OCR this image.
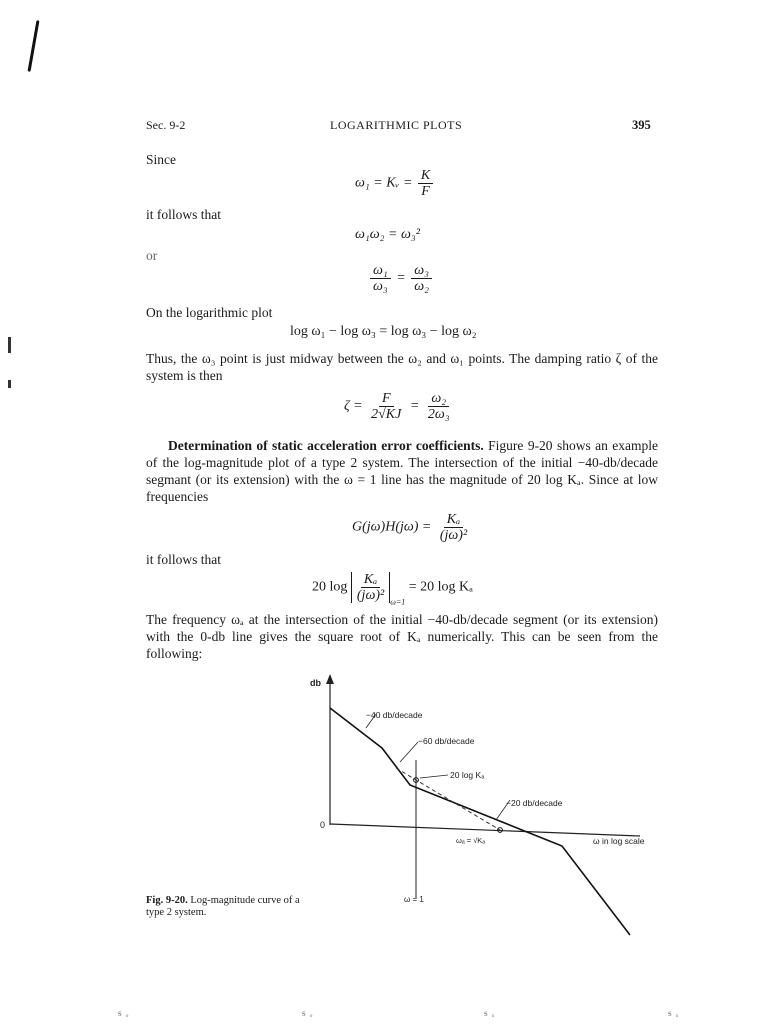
Sec. 9-2	LOGARITHMIC PLOTS	395
Since
ω₁ = Kᵥ = $\frac{K}{F}$
it follows that
ω₁ω₂ = ω₃²
or
$\frac{\text{ω₁}}{\text{ω₃}} = \frac{\text{ω₃}}{\text{ω₂}}$
On the logarithmic plot
log ω₁ − log ω₃ = log ω₃ − log ω₂
Thus, the ω₃ point is just midway between the ω₂ and ω₁ points. The damping ratio ζ of the system is then
$\zeta = \frac{F}{2√KJ} = \frac{\text{ω₂}}{\text{2ω₃}}$
Determination of static acceleration error coefficients. Figure 9-20 shows an example of the log-magnitude plot of a type 2 system. The intersection of the initial −40-db/decade segmant (or its extension) with the ω = 1 line has the magnitude of 20 log Kₐ. Since at low frequencies
$G(j\omega)H(j\omega) = \frac{\text{Kₐ}}{\text{(jω)²}}$
it follows that
20 $\log \frac{\text{Kₐ}}{\text{(jω)²}} _{\omega=1} = 20$ log Kₐ
The frequency ωₐ at the intersection of the initial −40-db/decade segment (or its extension) with the 0-db line gives the square root of Kₐ numerically. This can be seen from the following:
db
0
ω in log scale
ω = 1
−40 db/decade
−60 db/decade
20 log Kₐ
−20 db/decade
ωₐ = √Kₐ
Fig. 9-20. Log-magnitude curve of a type 2 system.
ᵴ ₒ	ᵴ ₒ	ᵴ ₒ	ᵴ ₒ
